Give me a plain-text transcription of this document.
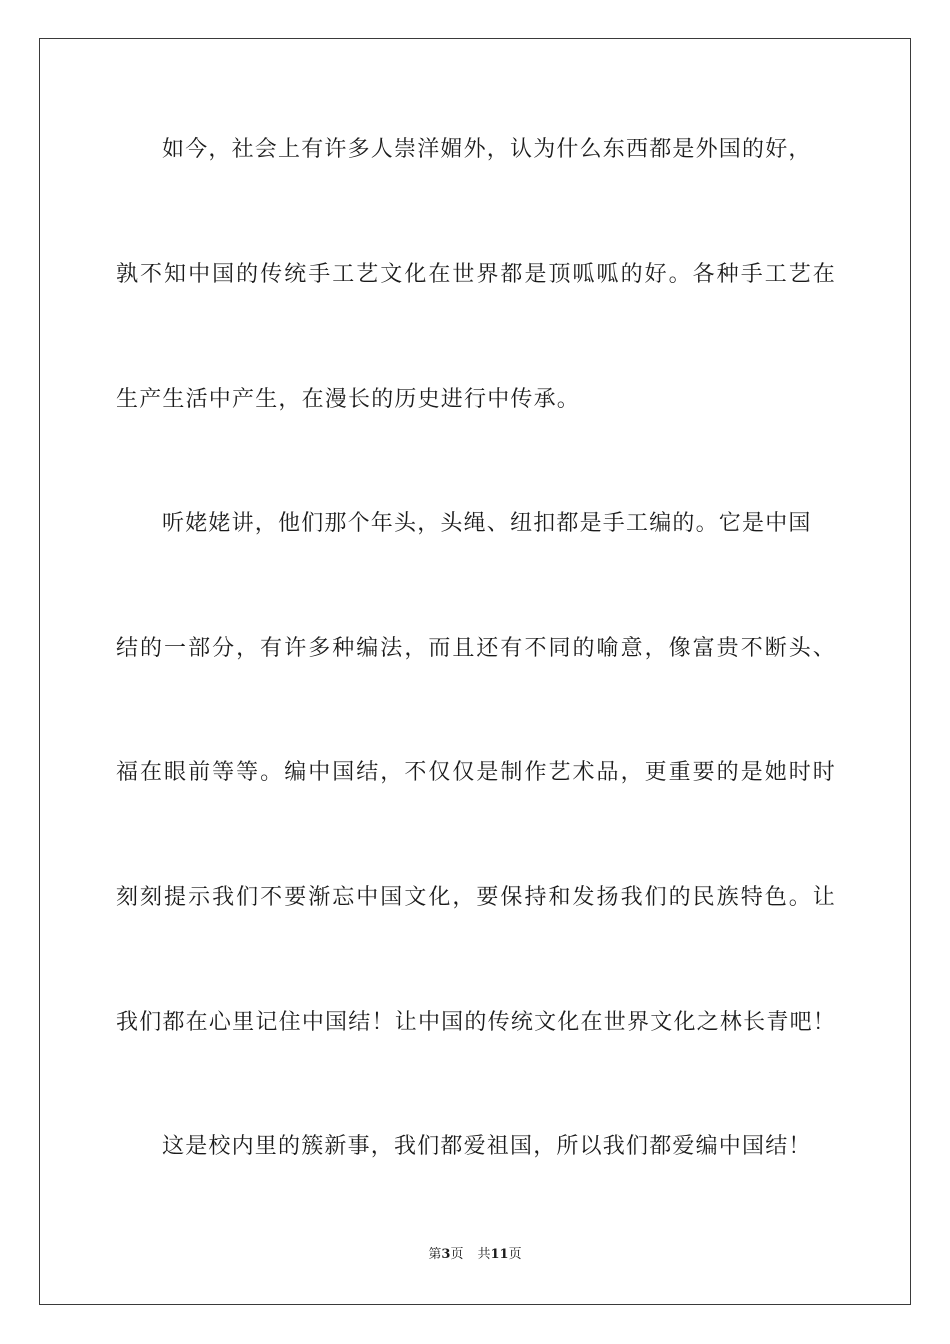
如今，社会上有许多人崇洋媚外，认为什么东西都是外国的好，
孰不知中国的传统手工艺文化在世界都是顶呱呱的好。各种手工艺在
生产生活中产生，在漫长的历史进行中传承。
听姥姥讲，他们那个年头，头绳、纽扣都是手工编的。它是中国
结的一部分，有许多种编法，而且还有不同的喻意，像富贵不断头、
福在眼前等等。编中国结，不仅仅是制作艺术品，更重要的是她时时
刻刻提示我们不要渐忘中国文化，要保持和发扬我们的民族特色。让
我们都在心里记住中国结！让中国的传统文化在世界文化之林长青吧！
这是校内里的簇新事，我们都爱祖国，所以我们都爱编中国结！
第3页 共11页
